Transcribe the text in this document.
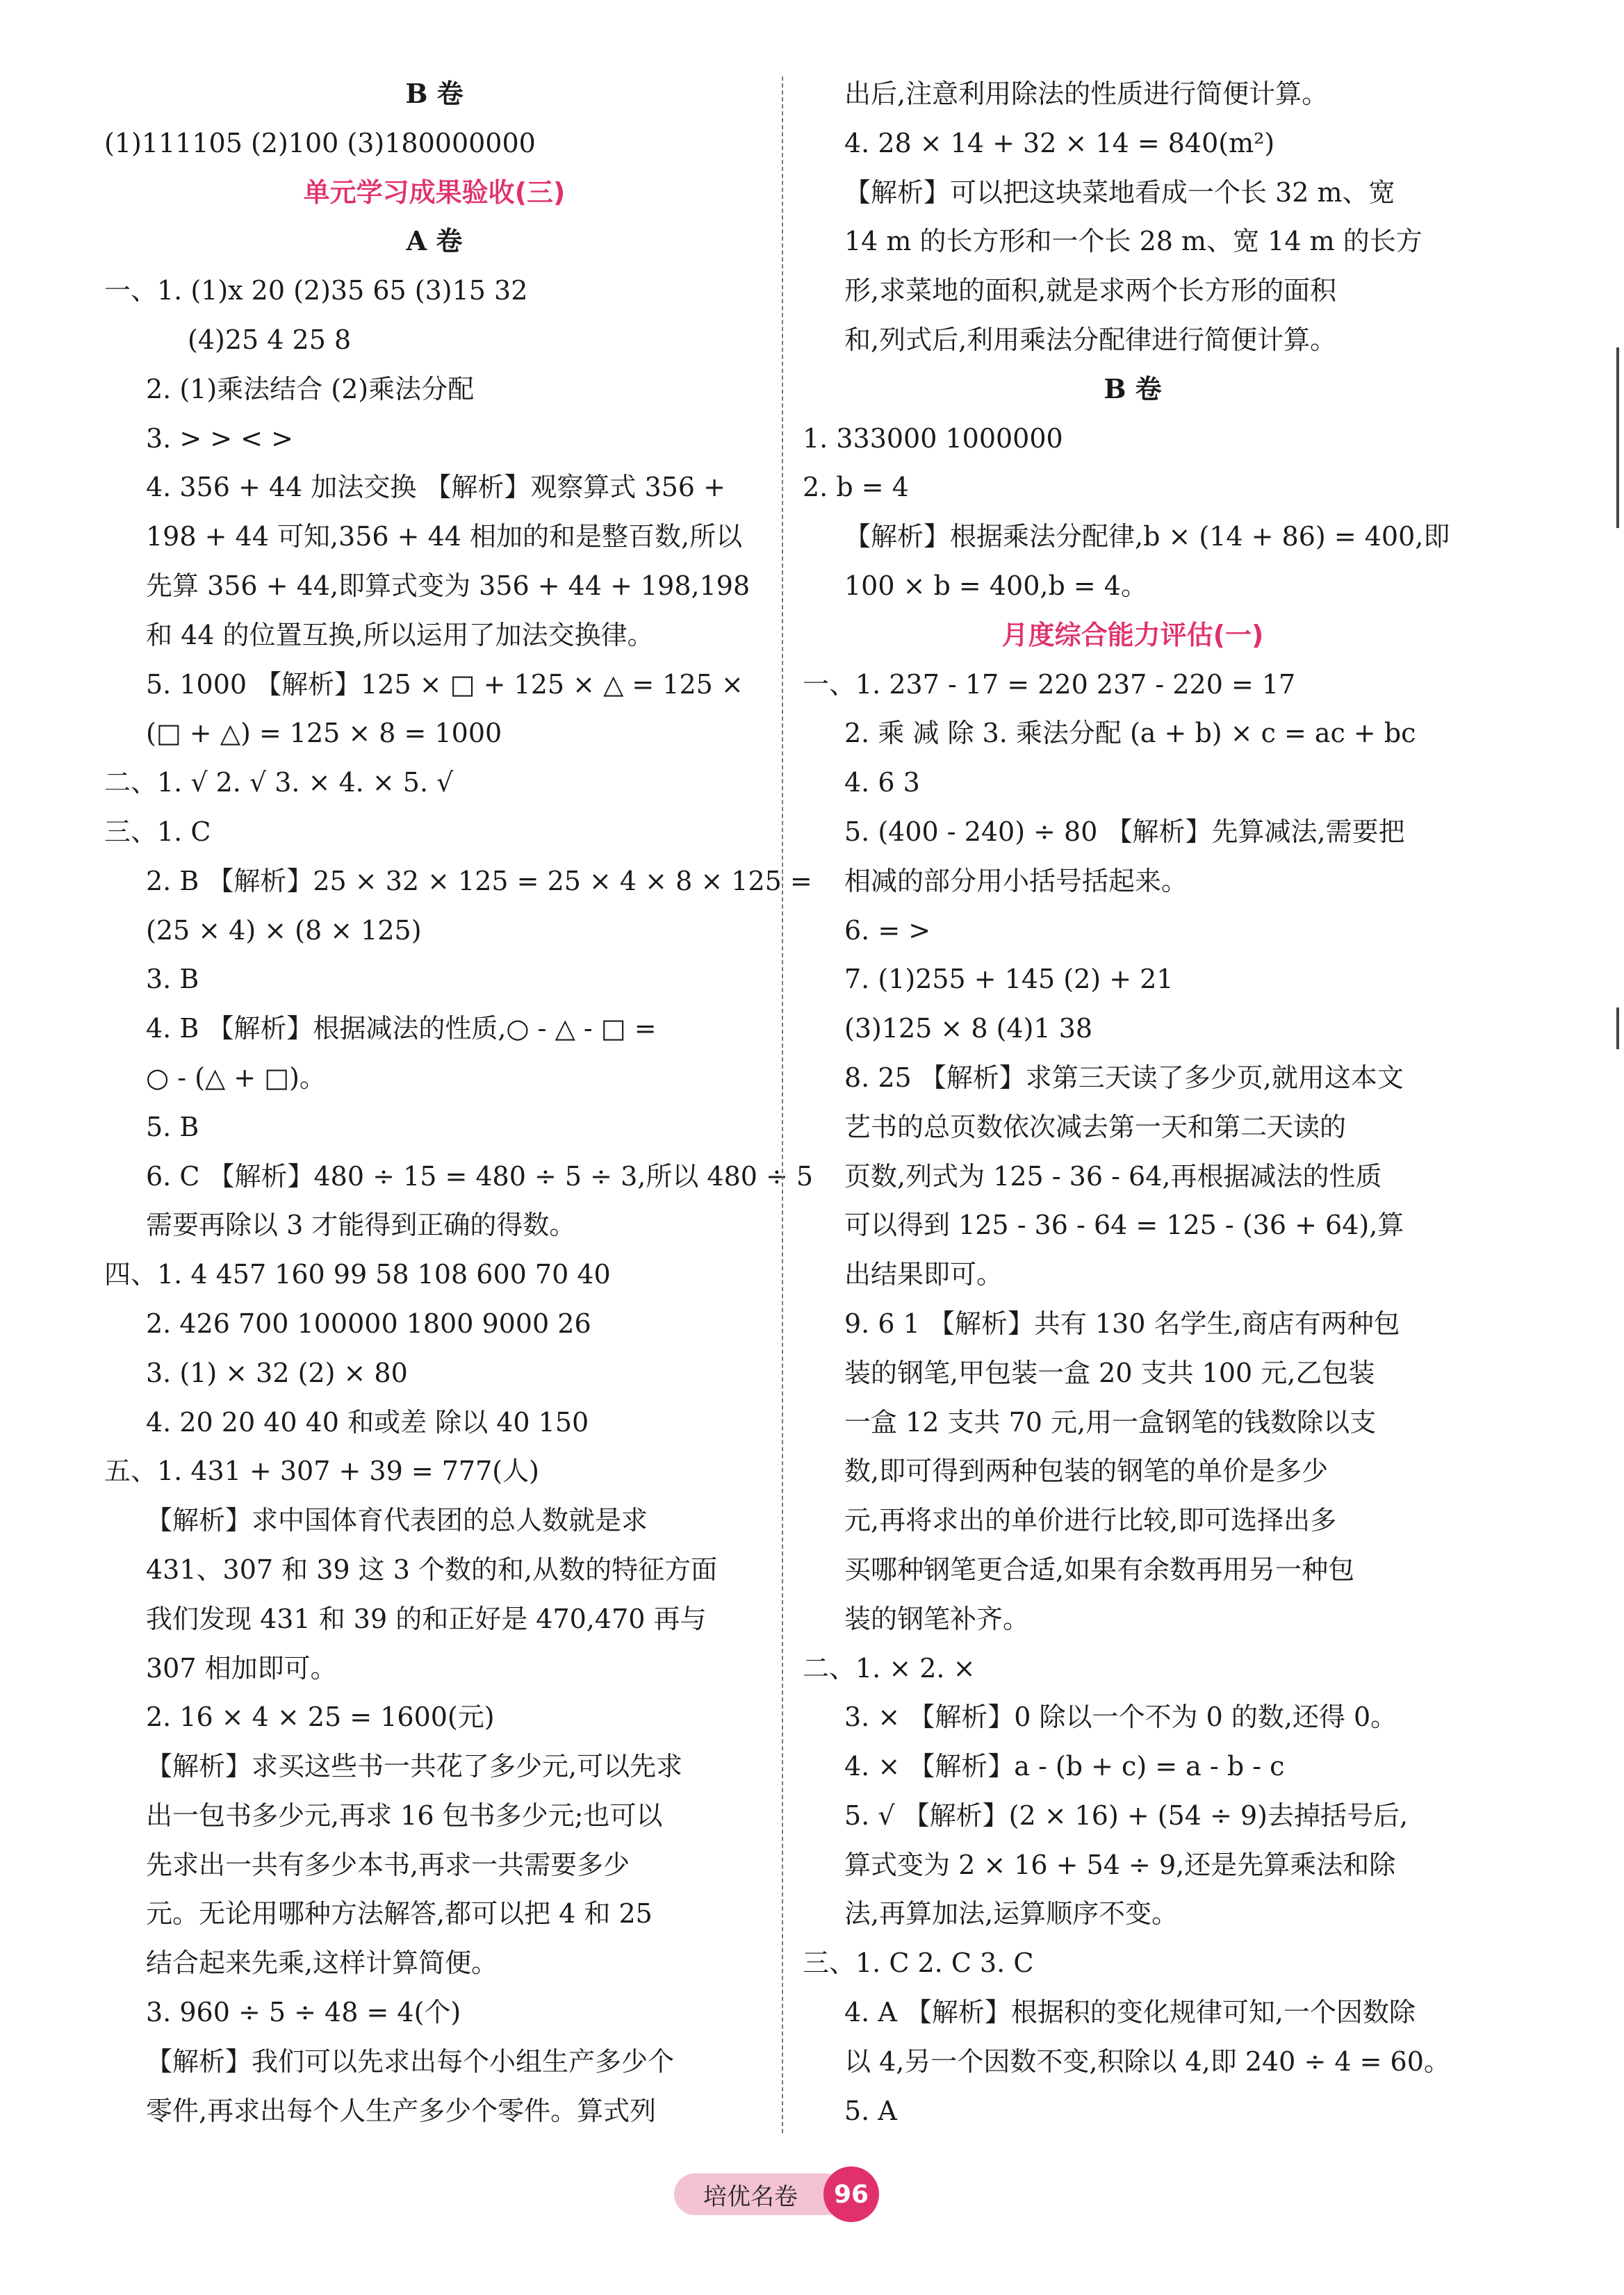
B 卷
(1)111105 (2)100 (3)180000000
单元学习成果验收(三)
A 卷
一、1. (1)x 20 (2)35 65 (3)15 32
(4)25 4 25 8
2. (1)乘法结合 (2)乘法分配
3. > > < >
4. 356 + 44 加法交换 【解析】观察算式 356 +
198 + 44 可知,356 + 44 相加的和是整百数,所以
先算 356 + 44,即算式变为 356 + 44 + 198,198
和 44 的位置互换,所以运用了加法交换律。
5. 1000 【解析】125 × □ + 125 × △ = 125 ×
(□ + △) = 125 × 8 = 1000
二、1. √ 2. √ 3. × 4. × 5. √
三、1. C
2. B 【解析】25 × 32 × 125 = 25 × 4 × 8 × 125 =
(25 × 4) × (8 × 125)
3. B
4. B 【解析】根据减法的性质,○ - △ - □ =
○ - (△ + □)。
5. B
6. C 【解析】480 ÷ 15 = 480 ÷ 5 ÷ 3,所以 480 ÷ 5
需要再除以 3 才能得到正确的得数。
四、1. 4 457 160 99 58 108 600 70 40
2. 426 700 100000 1800 9000 26
3. (1) × 32 (2) × 80
4. 20 20 40 40 和或差 除以 40 150
五、1. 431 + 307 + 39 = 777(人)
【解析】求中国体育代表团的总人数就是求
431、307 和 39 这 3 个数的和,从数的特征方面
我们发现 431 和 39 的和正好是 470,470 再与
307 相加即可。
2. 16 × 4 × 25 = 1600(元)
【解析】求买这些书一共花了多少元,可以先求
出一包书多少元,再求 16 包书多少元;也可以
先求出一共有多少本书,再求一共需要多少
元。无论用哪种方法解答,都可以把 4 和 25
结合起来先乘,这样计算简便。
3. 960 ÷ 5 ÷ 48 = 4(个)
【解析】我们可以先求出每个小组生产多少个
零件,再求出每个人生产多少个零件。算式列
出后,注意利用除法的性质进行简便计算。
4. 28 × 14 + 32 × 14 = 840(m²)
【解析】可以把这块菜地看成一个长 32 m、宽
14 m 的长方形和一个长 28 m、宽 14 m 的长方
形,求菜地的面积,就是求两个长方形的面积
和,列式后,利用乘法分配律进行简便计算。
B 卷
1. 333000 1000000
2. b = 4
【解析】根据乘法分配律,b × (14 + 86) = 400,即
100 × b = 400,b = 4。
月度综合能力评估(一)
一、1. 237 - 17 = 220 237 - 220 = 17
2. 乘 减 除 3. 乘法分配 (a + b) × c = ac + bc
4. 6 3
5. (400 - 240) ÷ 80 【解析】先算减法,需要把
相减的部分用小括号括起来。
6. = >
7. (1)255 + 145 (2) + 21
(3)125 × 8 (4)1 38
8. 25 【解析】求第三天读了多少页,就用这本文
艺书的总页数依次减去第一天和第二天读的
页数,列式为 125 - 36 - 64,再根据减法的性质
可以得到 125 - 36 - 64 = 125 - (36 + 64),算
出结果即可。
9. 6 1 【解析】共有 130 名学生,商店有两种包
装的钢笔,甲包装一盒 20 支共 100 元,乙包装
一盒 12 支共 70 元,用一盒钢笔的钱数除以支
数,即可得到两种包装的钢笔的单价是多少
元,再将求出的单价进行比较,即可选择出多
买哪种钢笔更合适,如果有余数再用另一种包
装的钢笔补齐。
二、1. × 2. ×
3. × 【解析】0 除以一个不为 0 的数,还得 0。
4. × 【解析】a - (b + c) = a - b - c
5. √ 【解析】(2 × 16) + (54 ÷ 9)去掉括号后,
算式变为 2 × 16 + 54 ÷ 9,还是先算乘法和除
法,再算加法,运算顺序不变。
三、1. C 2. C 3. C
4. A 【解析】根据积的变化规律可知,一个因数除
以 4,另一个因数不变,积除以 4,即 240 ÷ 4 = 60。
5. A
培优名卷	96
